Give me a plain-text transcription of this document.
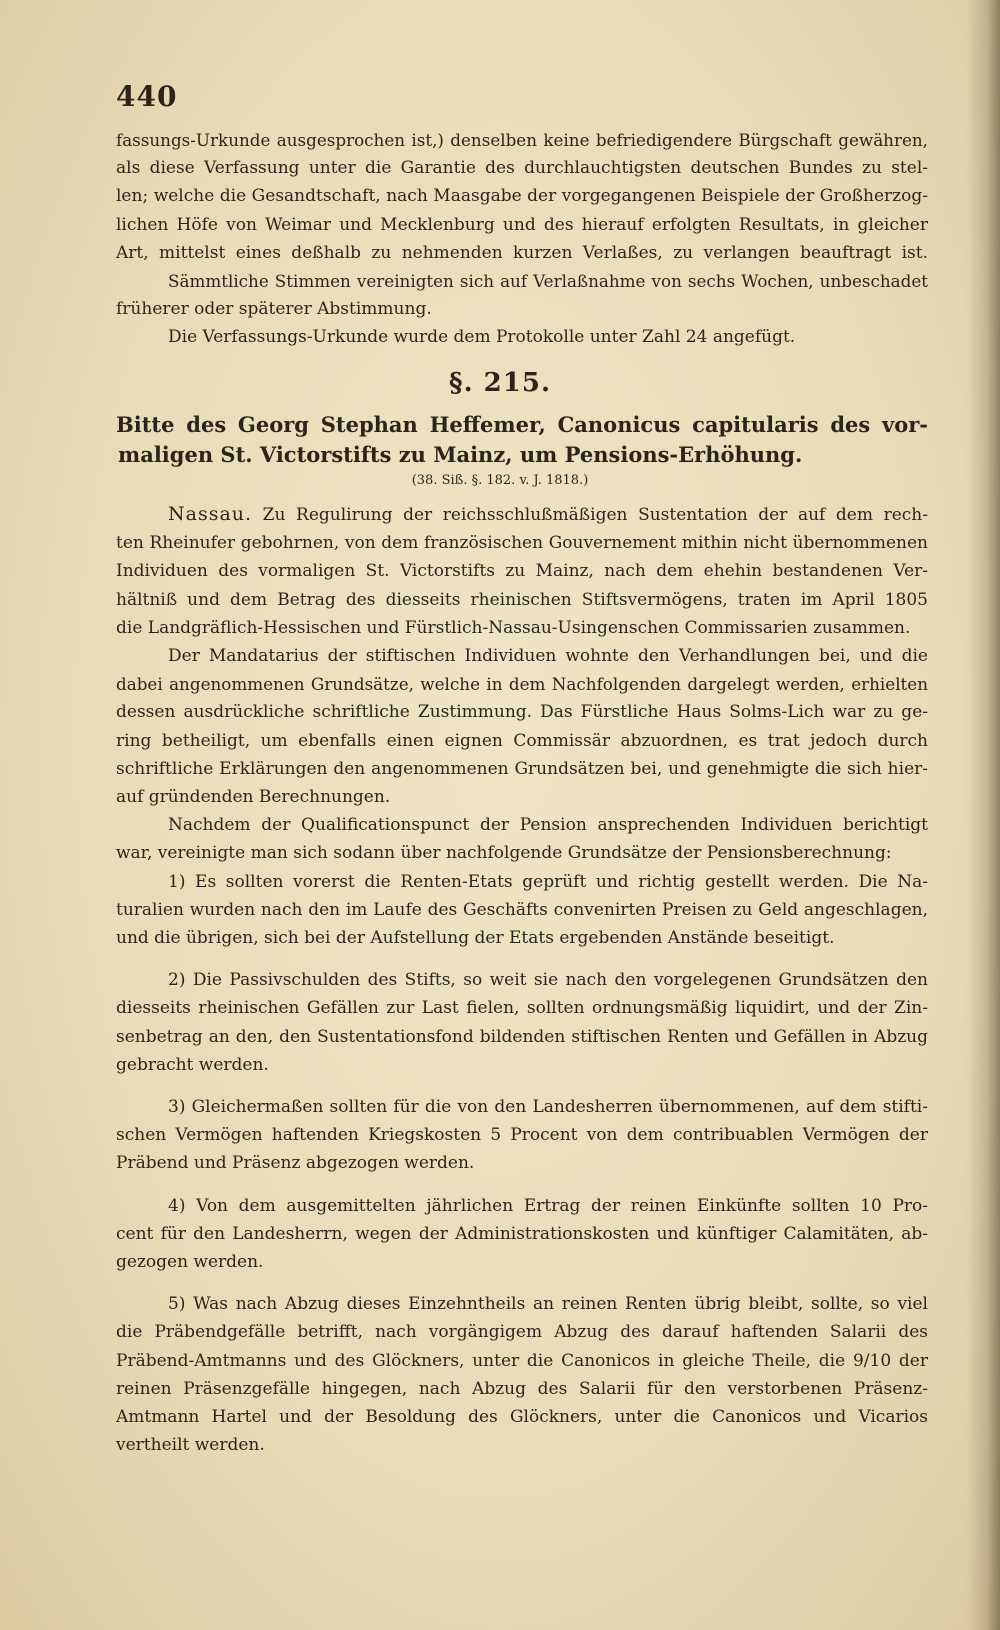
440
fassungs-Urkunde ausgesprochen ist,) denselben keine befriedigendere Bürgschaft gewähren,
als diese Verfassung unter die Garantie des durchlauchtigsten deutschen Bundes zu stel-
len; welche die Gesandtschaft, nach Maasgabe der vorgegangenen Beispiele der Großherzog-
lichen Höfe von Weimar und Mecklenburg und des hierauf erfolgten Resultats, in gleicher
Art, mittelst eines deßhalb zu nehmenden kurzen Verlaßes, zu verlangen beauftragt ist.
Sämmtliche Stimmen vereinigten sich auf Verlaßnahme von sechs Wochen, unbeschadet
früherer oder späterer Abstimmung.
Die Verfassungs-Urkunde wurde dem Protokolle unter Zahl 24 angefügt.
§. 215.
Bitte des Georg Stephan Heffemer, Canonicus capitularis des vor-
maligen St. Victorstifts zu Mainz, um Pensions-Erhöhung.
(38. Siß. §. 182. v. J. 1818.)
Nassau. Zu Regulirung der reichsschlußmäßigen Sustentation der auf dem rech-
ten Rheinufer gebohrnen, von dem französischen Gouvernement mithin nicht übernommenen
Individuen des vormaligen St. Victorstifts zu Mainz, nach dem ehehin bestandenen Ver-
hältniß und dem Betrag des diesseits rheinischen Stiftsvermögens, traten im April 1805
die Landgräflich-Hessischen und Fürstlich-Nassau-Usingenschen Commissarien zusammen.
Der Mandatarius der stiftischen Individuen wohnte den Verhandlungen bei, und die
dabei angenommenen Grundsätze, welche in dem Nachfolgenden dargelegt werden, erhielten
dessen ausdrückliche schriftliche Zustimmung. Das Fürstliche Haus Solms-Lich war zu ge-
ring betheiligt, um ebenfalls einen eignen Commissär abzuordnen, es trat jedoch durch
schriftliche Erklärungen den angenommenen Grundsätzen bei, und genehmigte die sich hier-
auf gründenden Berechnungen.
Nachdem der Qualificationspunct der Pension ansprechenden Individuen berichtigt
war, vereinigte man sich sodann über nachfolgende Grundsätze der Pensionsberechnung:
1) Es sollten vorerst die Renten-Etats geprüft und richtig gestellt werden. Die Na-
turalien wurden nach den im Laufe des Geschäfts convenirten Preisen zu Geld angeschlagen,
und die übrigen, sich bei der Aufstellung der Etats ergebenden Anstände beseitigt.
2) Die Passivschulden des Stifts, so weit sie nach den vorgelegenen Grundsätzen den
diesseits rheinischen Gefällen zur Last fielen, sollten ordnungsmäßig liquidirt, und der Zin-
senbetrag an den, den Sustentationsfond bildenden stiftischen Renten und Gefällen in Abzug
gebracht werden.
3) Gleichermaßen sollten für die von den Landesherren übernommenen, auf dem stifti-
schen Vermögen haftenden Kriegskosten 5 Procent von dem contribuablen Vermögen der
Präbend und Präsenz abgezogen werden.
4) Von dem ausgemittelten jährlichen Ertrag der reinen Einkünfte sollten 10 Pro-
cent für den Landesherrn, wegen der Administrationskosten und künftiger Calamitäten, ab-
gezogen werden.
5) Was nach Abzug dieses Einzehntheils an reinen Renten übrig bleibt, sollte, so viel
die Präbendgefälle betrifft, nach vorgängigem Abzug des darauf haftenden Salarii des
Präbend-Amtmanns und des Glöckners, unter die Canonicos in gleiche Theile, die 9/10 der
reinen Präsenzgefälle hingegen, nach Abzug des Salarii für den verstorbenen Präsenz-
Amtmann Hartel und der Besoldung des Glöckners, unter die Canonicos und Vicarios
vertheilt werden.
